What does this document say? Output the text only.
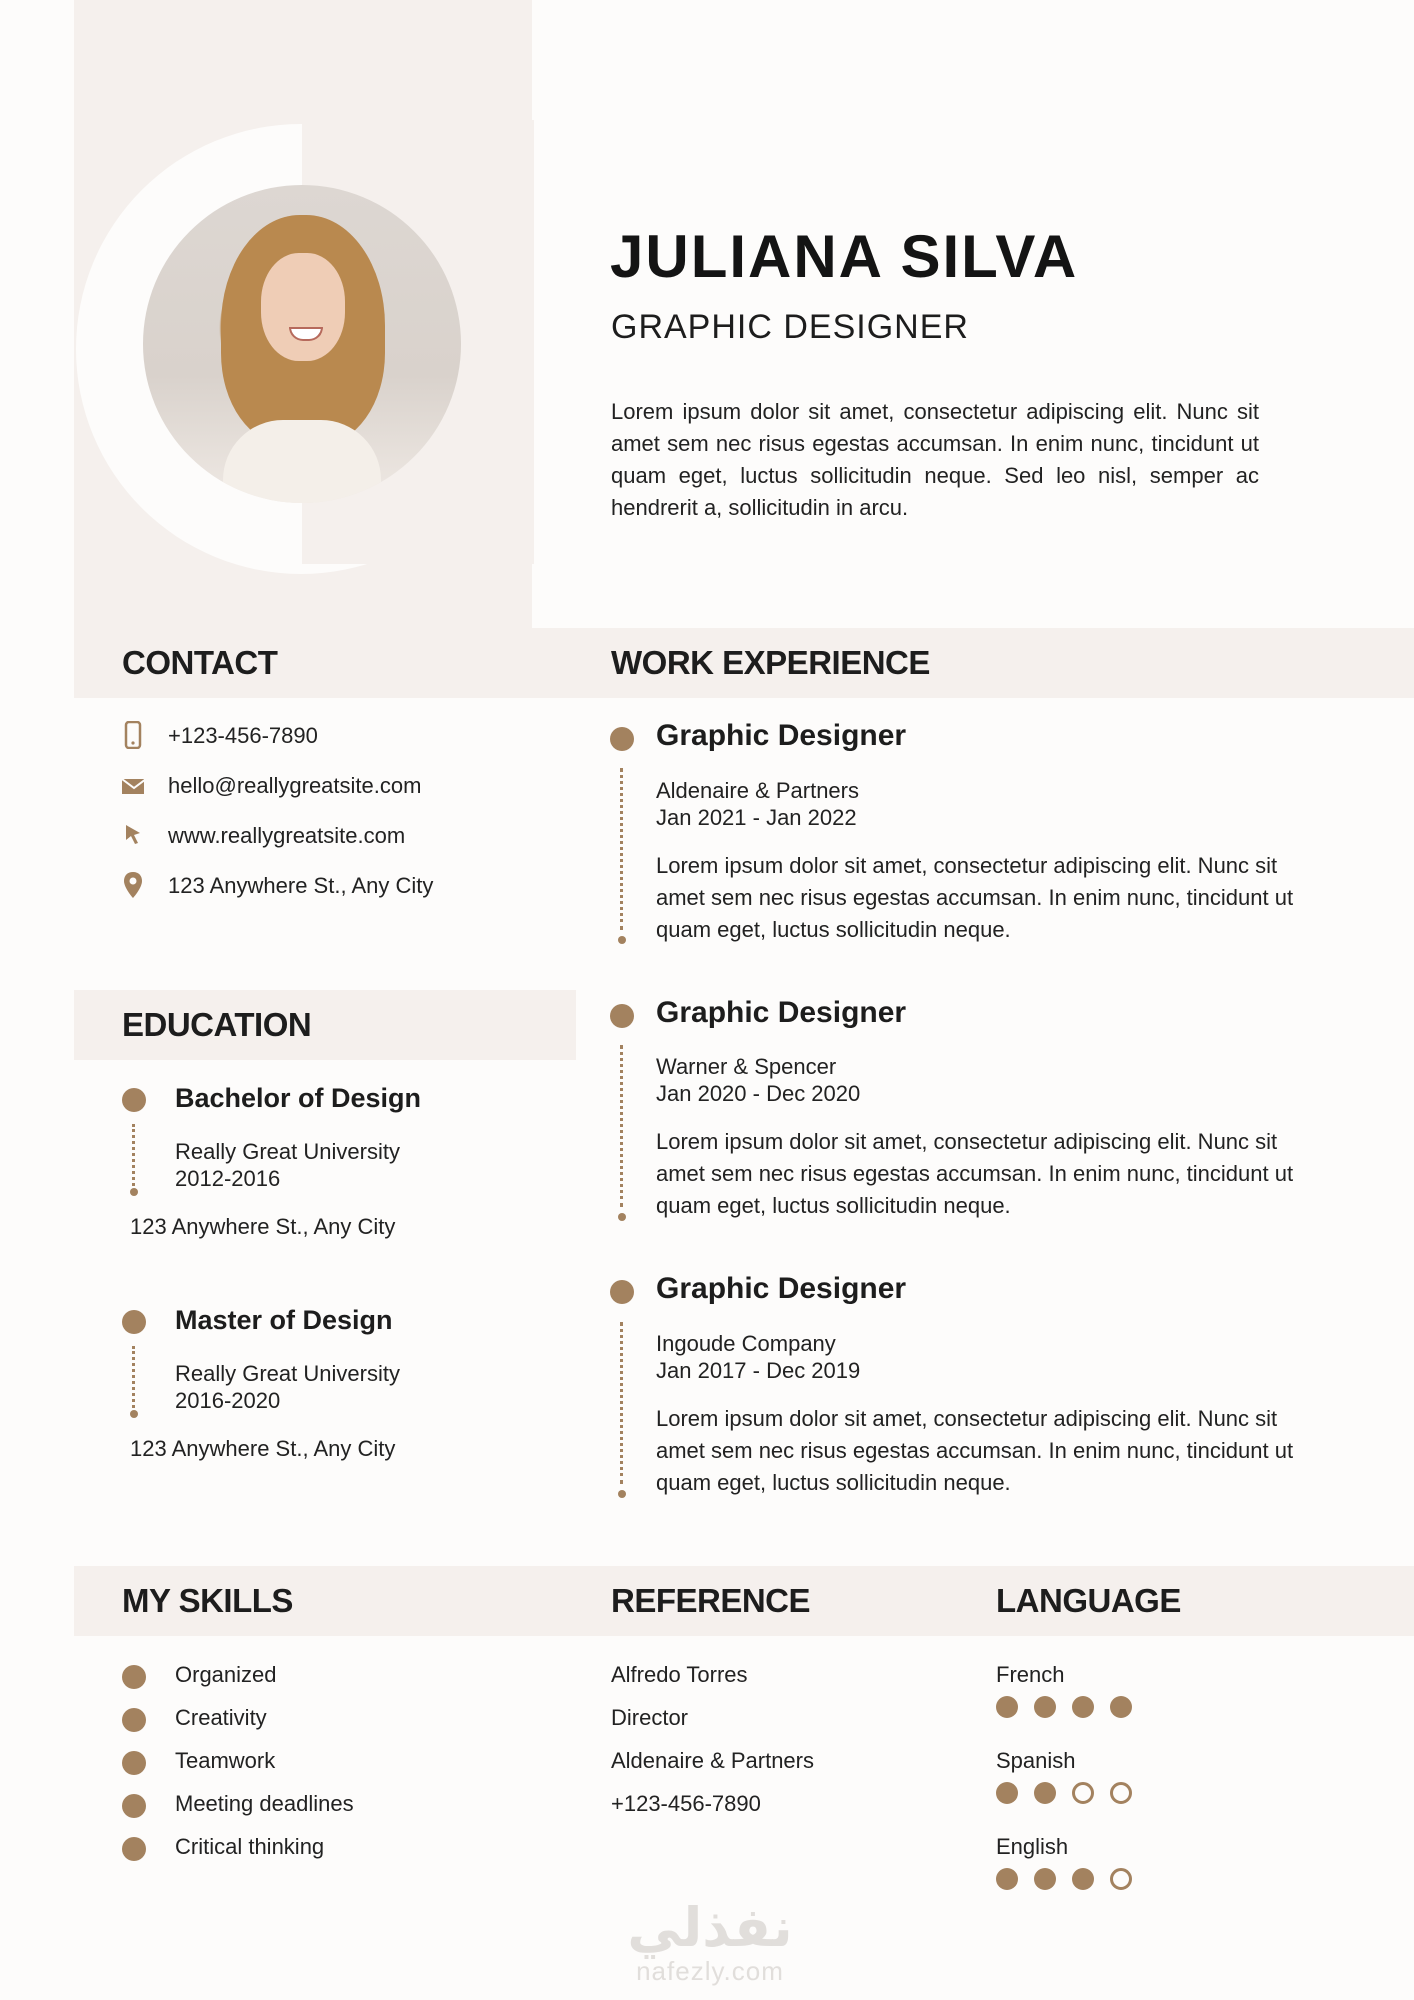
JULIANA SILVA
GRAPHIC DESIGNER
Lorem ipsum dolor sit amet, consectetur adipiscing elit. Nunc sit amet sem nec risus egestas accumsan. In enim nunc, tincidunt ut quam eget, luctus sollicitudin neque. Sed leo nisl, semper ac hendrerit a, sollicitudin in arcu.
CONTACT	WORK EXPERIENCE
+123-456-7890
hello@reallygreatsite.com
www.reallygreatsite.com
123 Anywhere St., Any City
EDUCATION
Bachelor of Design
Really Great University
2012-2016
123 Anywhere St., Any City
Master of Design
Really Great University
2016-2020
123 Anywhere St., Any City
Graphic Designer
Aldenaire & Partners
Jan 2021 - Jan 2022
Lorem ipsum dolor sit amet, consectetur adipiscing elit. Nunc sit amet sem nec risus egestas accumsan. In enim nunc, tincidunt ut quam eget, luctus sollicitudin neque.
Graphic Designer
Warner & Spencer
Jan 2020 - Dec 2020
Lorem ipsum dolor sit amet, consectetur adipiscing elit. Nunc sit amet sem nec risus egestas accumsan. In enim nunc, tincidunt ut quam eget, luctus sollicitudin neque.
Graphic Designer
Ingoude Company
Jan 2017 - Dec 2019
Lorem ipsum dolor sit amet, consectetur adipiscing elit. Nunc sit amet sem nec risus egestas accumsan. In enim nunc, tincidunt ut quam eget, luctus sollicitudin neque.
MY SKILLS	REFERENCE	LANGUAGE
Organized
Creativity
Teamwork
Meeting deadlines
Critical thinking
Alfredo Torres
Director
Aldenaire & Partners
+123-456-7890
French
Spanish
English
نفذلي
nafezly.com
